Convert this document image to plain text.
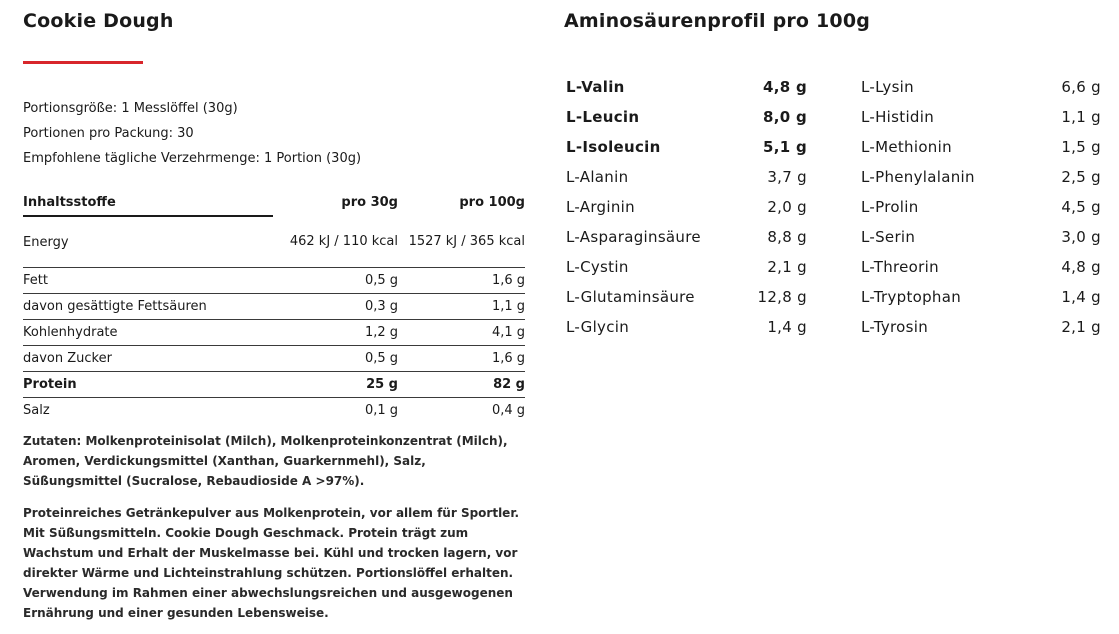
Cookie Dough
Portionsgröße: 1 Messlöffel (30g)
Portionen pro Packung: 30
Empfohlene tägliche Verzehrmenge: 1 Portion (30g)
Inhaltsstoffe	pro 30g	pro 100g
Energy	462 kJ / 110 kcal	1527 kJ / 365 kcal
Fett	0,5 g	1,6 g
davon gesättigte Fettsäuren	0,3 g	1,1 g
Kohlenhydrate	1,2 g	4,1 g
davon Zucker	0,5 g	1,6 g
Protein	25 g	82 g
Salz	0,1 g	0,4 g

Zutaten: Molkenproteinisolat (Milch), Molkenproteinkonzentrat (Milch), Aromen, Verdickungsmittel (Xanthan, Guarkernmehl), Salz, Süßungsmittel (Sucralose, Rebaudioside A >97%).

Proteinreiches Getränkepulver aus Molkenprotein, vor allem für Sportler. Mit Süßungsmitteln. Cookie Dough Geschmack. Protein trägt zum Wachstum und Erhalt der Muskelmasse bei. Kühl und trocken lagern, vor direkter Wärme und Lichteinstrahlung schützen. Portionslöffel erhalten. Verwendung im Rahmen einer abwechslungsreichen und ausgewogenen Ernährung und einer gesunden Lebensweise.

Aminosäurenprofil pro 100g
L-Valin	4,8 g
L-Leucin	8,0 g
L-Isoleucin	5,1 g
L-Alanin	3,7 g
L-Arginin	2,0 g
L-Asparaginsäure	8,8 g
L-Cystin	2,1 g
L-Glutaminsäure	12,8 g
L-Glycin	1,4 g
L-Lysin	6,6 g
L-Histidin	1,1 g
L-Methionin	1,5 g
L-Phenylalanin	2,5 g
L-Prolin	4,5 g
L-Serin	3,0 g
L-Threorin	4,8 g
L-Tryptophan	1,4 g
L-Tyrosin	2,1 g
